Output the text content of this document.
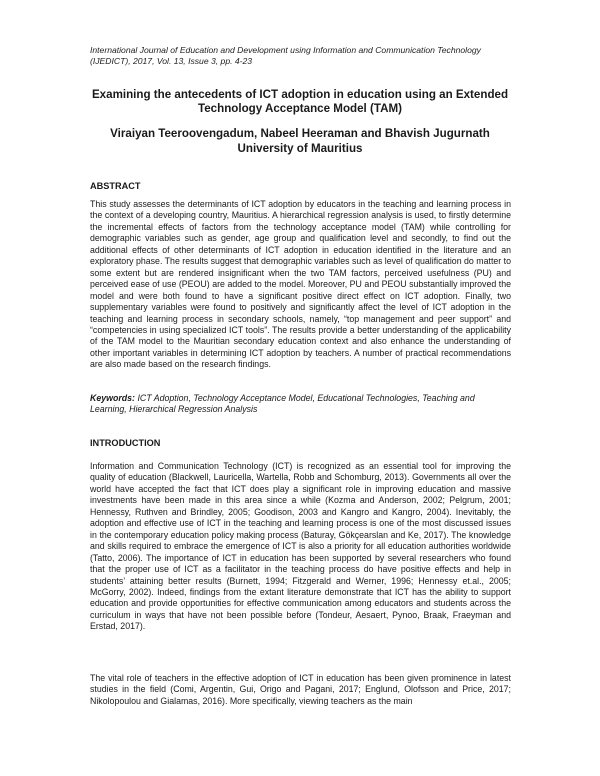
International Journal of Education and Development using Information and Communication Technology
(IJEDICT), 2017, Vol. 13, Issue 3, pp. 4-23
Examining the antecedents of ICT adoption in education using an Extended Technology Acceptance Model (TAM)
Viraiyan Teeroovengadum, Nabeel Heeraman and Bhavish Jugurnath
University of Mauritius
ABSTRACT
This study assesses the determinants of ICT adoption by educators in the teaching and learning process in the context of a developing country, Mauritius. A hierarchical regression analysis is used, to firstly determine the incremental effects of factors from the technology acceptance model (TAM) while controlling for demographic variables such as gender, age group and qualification level and secondly, to find out the additional effects of other determinants of ICT adoption in education identified in the literature and an exploratory phase. The results suggest that demographic variables such as level of qualification do matter to some extent but are rendered insignificant when the two TAM factors, perceived usefulness (PU) and perceived ease of use (PEOU) are added to the model. Moreover, PU and PEOU substantially improved the model and were both found to have a significant positive direct effect on ICT adoption. Finally, two supplementary variables were found to positively and significantly affect the level of ICT adoption in the teaching and learning process in secondary schools, namely, “top management and peer support” and “competencies in using specialized ICT tools”. The results provide a better understanding of the applicability of the TAM model to the Mauritian secondary education context and also enhance the understanding of other important variables in determining ICT adoption by teachers. A number of practical recommendations are also made based on the research findings.
Keywords: ICT Adoption, Technology Acceptance Model, Educational Technologies, Teaching and Learning, Hierarchical Regression Analysis
INTRODUCTION
Information and Communication Technology (ICT) is recognized as an essential tool for improving the quality of education (Blackwell, Lauricella, Wartella, Robb and Schomburg, 2013). Governments all over the world have accepted the fact that ICT does play a significant role in improving education and massive investments have been made in this area since a while (Kozma and Anderson, 2002; Pelgrum, 2001; Hennessy, Ruthven and Brindley, 2005; Goodison, 2003 and Kangro and Kangro, 2004). Inevitably, the adoption and effective use of ICT in the teaching and learning process is one of the most discussed issues in the contemporary education policy making process (Baturay, Gökçearslan and Ke, 2017). The knowledge and skills required to embrace the emergence of ICT is also a priority for all education authorities worldwide (Tatto, 2006). The importance of ICT in education has been supported by several researchers who found that the proper use of ICT as a facilitator in the teaching process do have positive effects and help in students’ attaining better results (Burnett, 1994; Fitzgerald and Werner, 1996; Hennessy et.al., 2005; McGorry, 2002). Indeed, findings from the extant literature demonstrate that ICT has the ability to support education and provide opportunities for effective communication among educators and students across the curriculum in ways that have not been possible before (Tondeur, Aesaert, Pynoo, Braak, Fraeyman and Erstad, 2017).
The vital role of teachers in the effective adoption of ICT in education has been given prominence in latest studies in the field (Comi, Argentin, Gui, Origo and Pagani, 2017; Englund, Olofsson and Price, 2017; Nikolopoulou and Gialamas, 2016). More specifically, viewing teachers as the main
